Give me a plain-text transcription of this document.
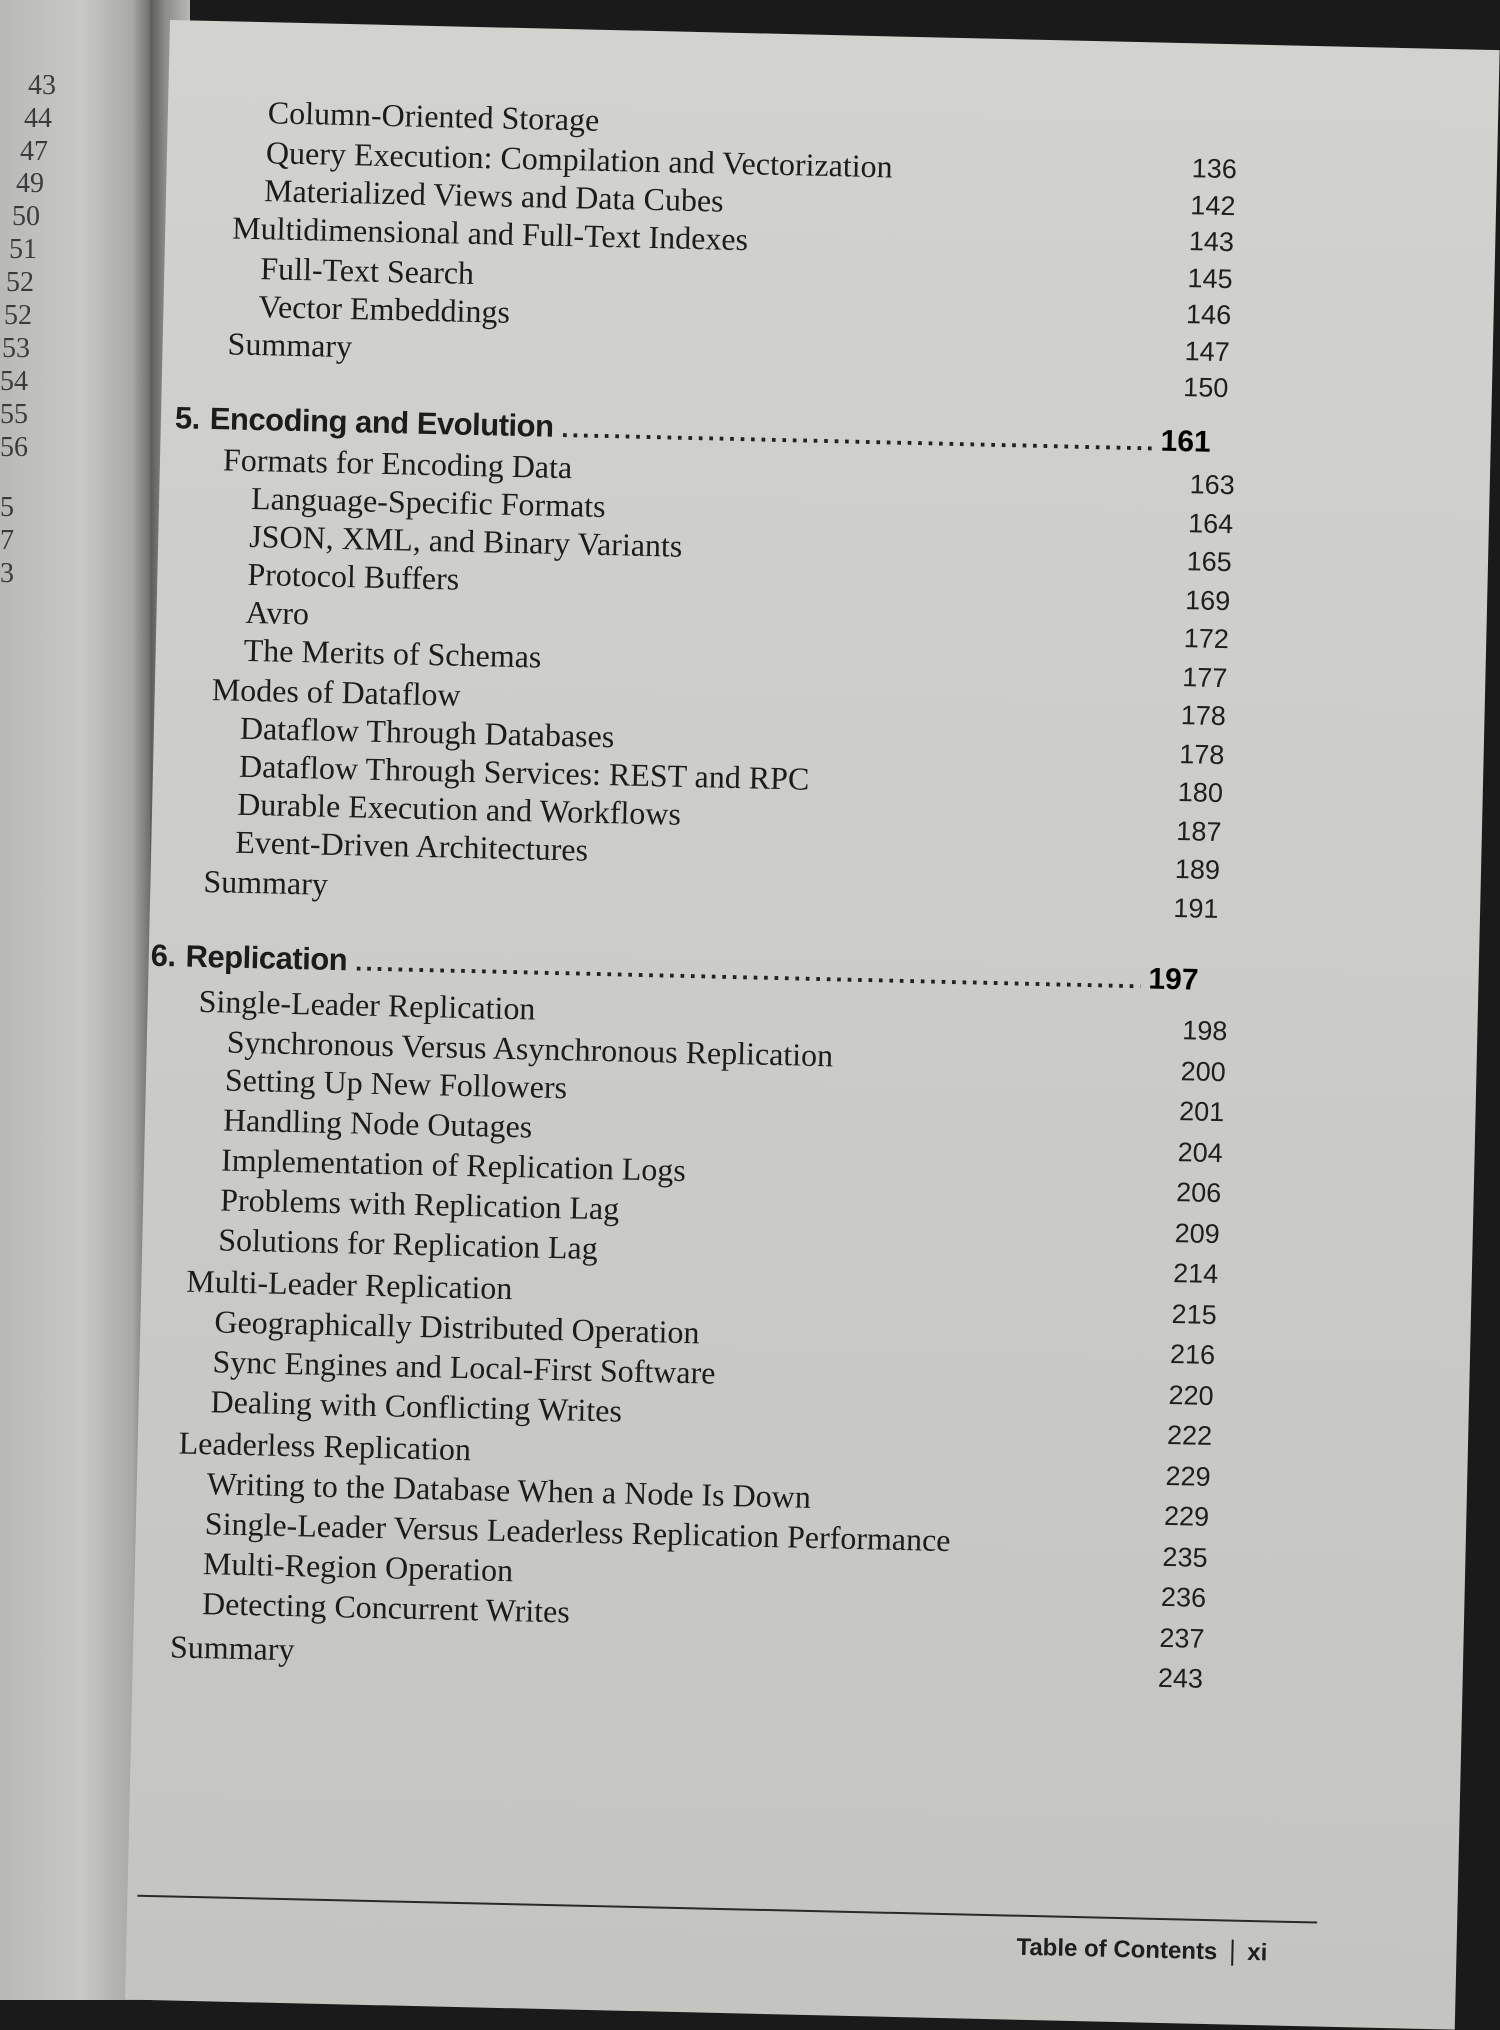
43
44
47
49
50
51
52
52
53
54
55
56
5
7
3
Column-Oriented Storage
Query Execution: Compilation and Vectorization
Materialized Views and Data Cubes
Multidimensional and Full-Text Indexes
Full-Text Search
Vector Embeddings
Summary
5. Encoding and Evolution
. . .	161
Formats for Encoding Data
Language-Specific Formats
JSON, XML, and Binary Variants
Protocol Buffers
Avro
The Merits of Schemas
Modes of Dataflow
Dataflow Through Databases
Dataflow Through Services: REST and RPC
Durable Execution and Workflows
Event-Driven Architectures
Summary
6. Replication
. . .
197
Single-Leader Replication
Synchronous Versus Asynchronous Replication
Setting Up New Followers
Handling Node Outages
Implementation of Replication Logs
Problems with Replication Lag
Solutions for Replication Lag
Multi-Leader Replication
Geographically Distributed Operation
Sync Engines and Local-First Software
Dealing with Conflicting Writes
Leaderless Replication
Writing to the Database When a Node Is Down
Single-Leader Versus Leaderless Replication Performance
Multi-Region Operation
Detecting Concurrent Writes
Summary
136
142
143
145
146
147
150
163
164
165
169
172
177
178
178
180
187
189
191
198
200
201
204
206
209
214
215
216
220
222
229
229
235
236
237
243
Table of Contents xi
